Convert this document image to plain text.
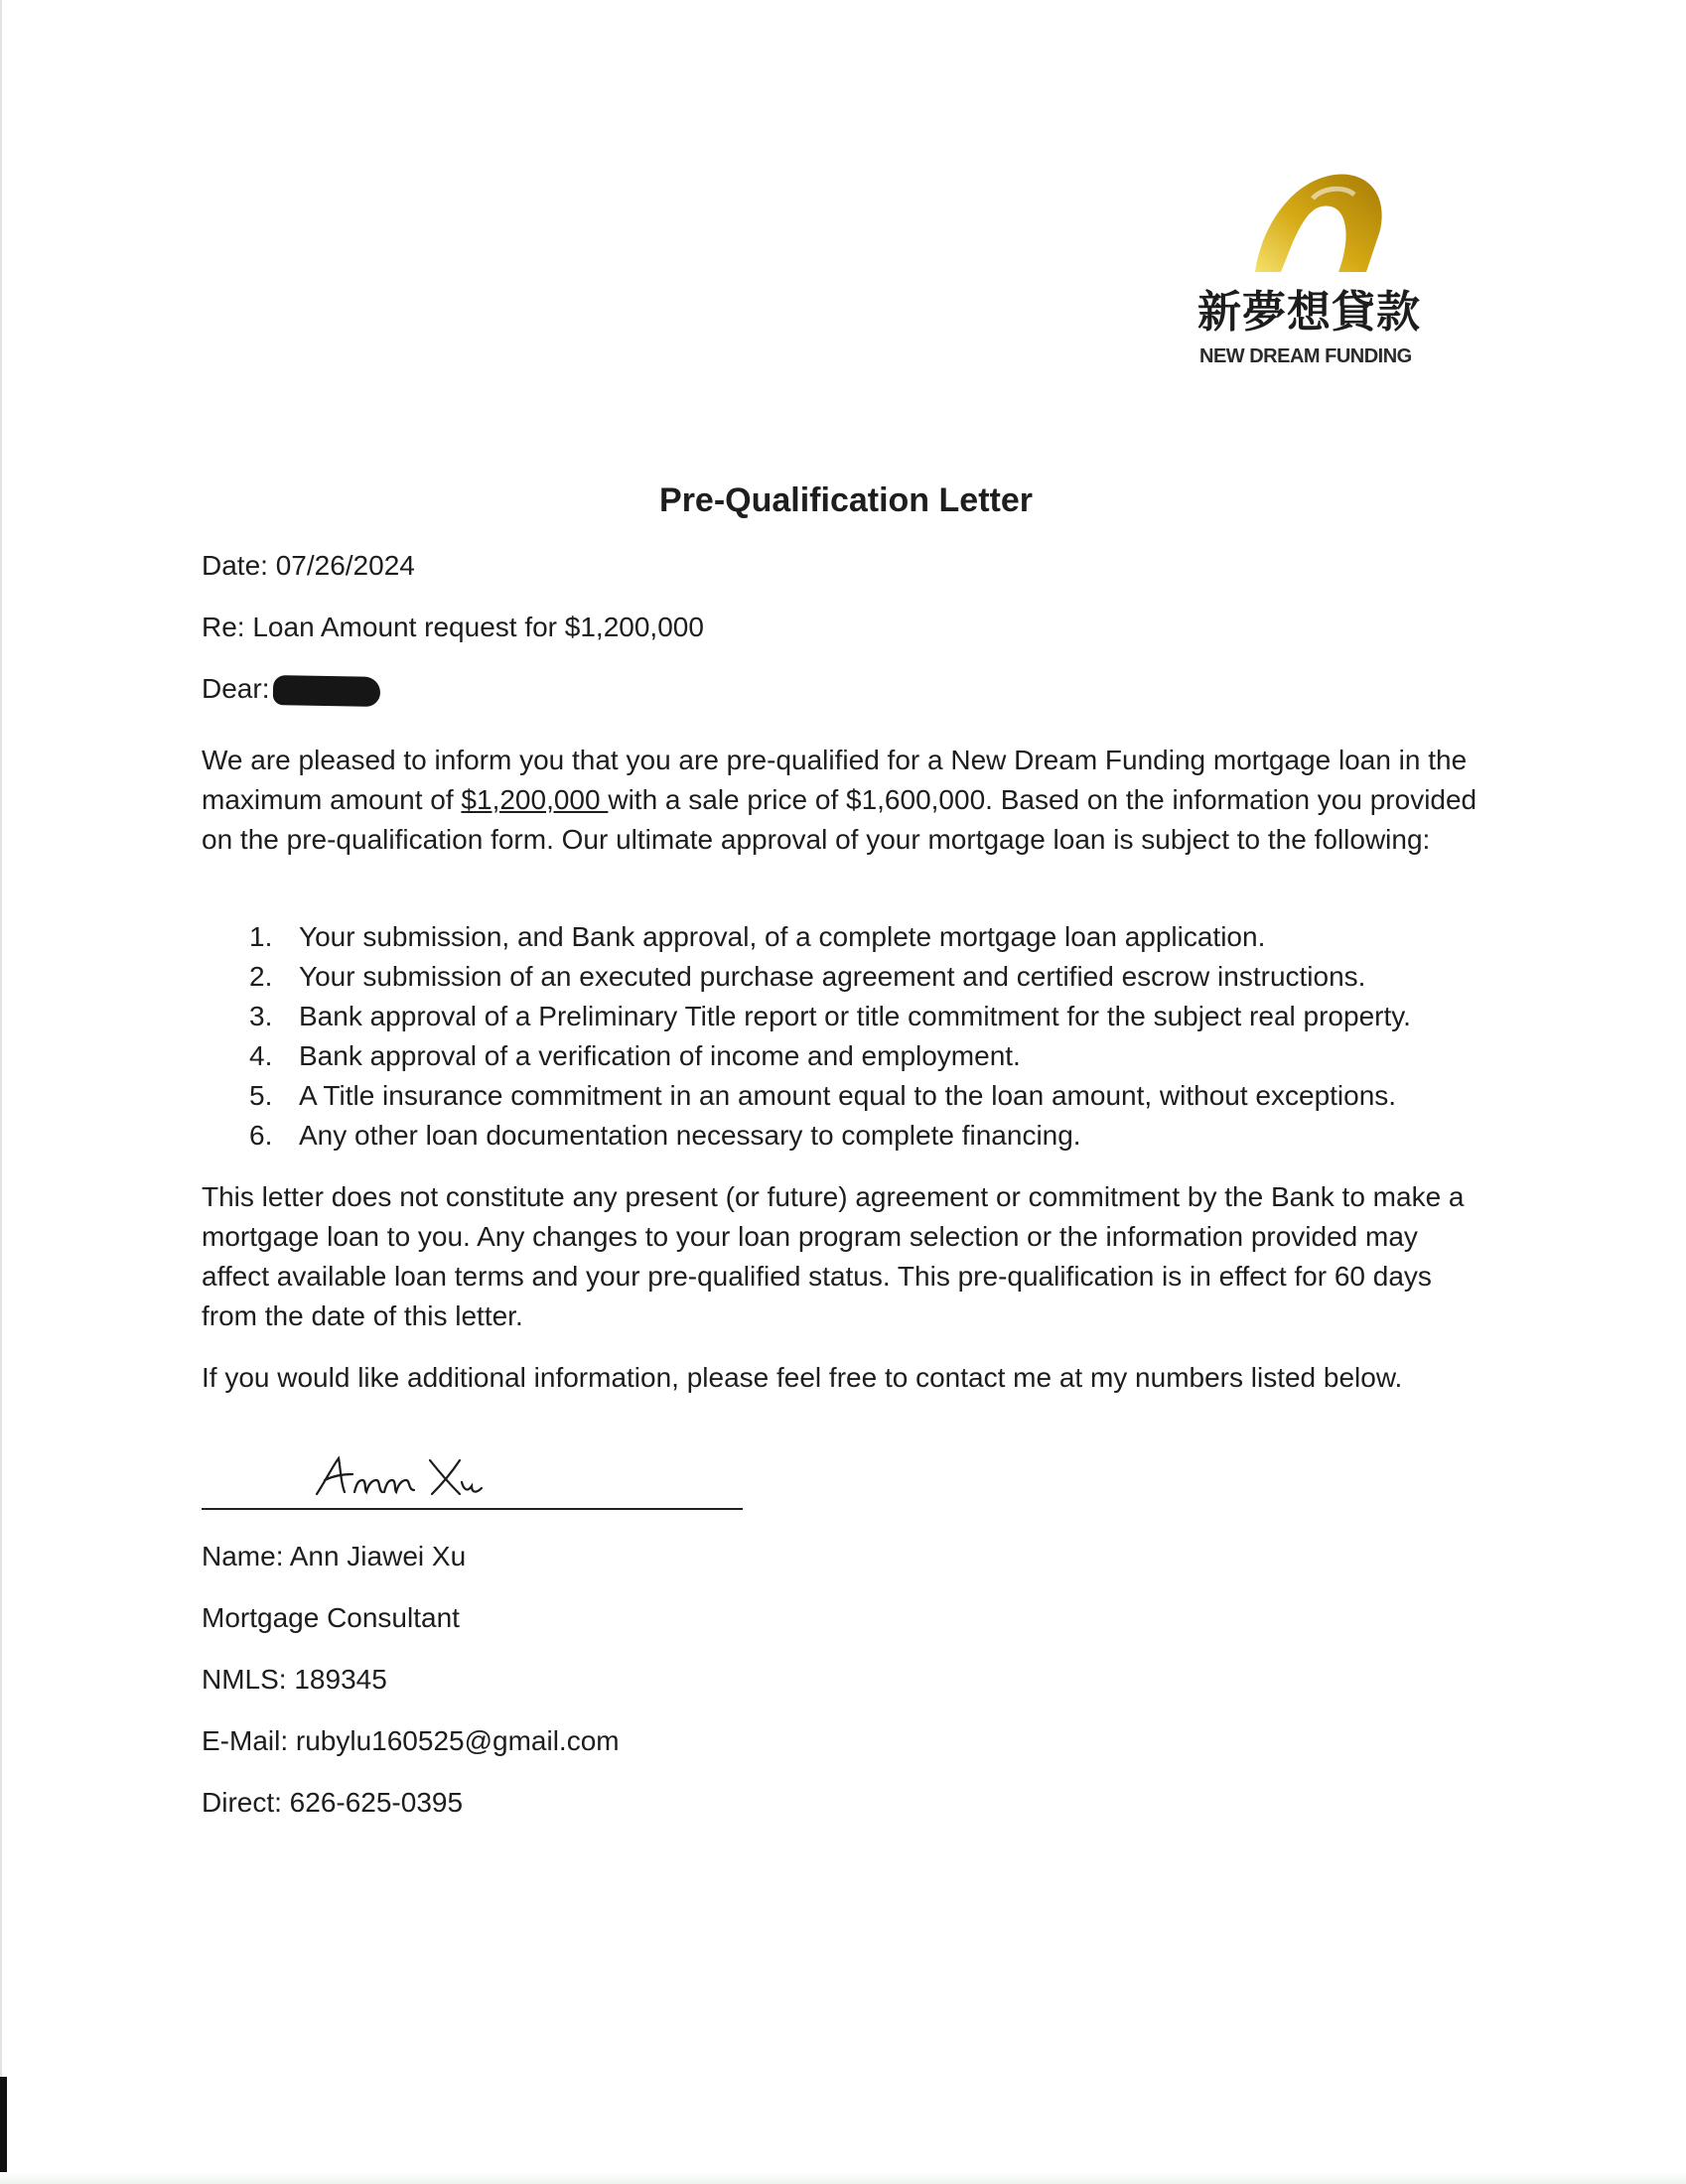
新夢想貸款
NEW DREAM FUNDING
Pre-Qualification Letter
Date: 07/26/2024
Re: Loan Amount request for $1,200,000
Dear:
We are pleased to inform you that you are pre-qualified for a New Dream Funding mortgage loan in the maximum amount of $1,200,000 with a sale price of $1,600,000. Based on the information you provided on the pre-qualification form. Our ultimate approval of your mortgage loan is subject to the following:
1. Your submission, and Bank approval, of a complete mortgage loan application.
2. Your submission of an executed purchase agreement and certified escrow instructions.
3. Bank approval of a Preliminary Title report or title commitment for the subject real property.
4. Bank approval of a verification of income and employment.
5. A Title insurance commitment in an amount equal to the loan amount, without exceptions.
6. Any other loan documentation necessary to complete financing.
This letter does not constitute any present (or future) agreement or commitment by the Bank to make a mortgage loan to you. Any changes to your loan program selection or the information provided may affect available loan terms and your pre-qualified status. This pre-qualification is in effect for 60 days from the date of this letter.
If you would like additional information, please feel free to contact me at my numbers listed below.
Name: Ann Jiawei Xu
Mortgage Consultant
NMLS: 189345
E-Mail: rubylu160525@gmail.com
Direct: 626-625-0395
